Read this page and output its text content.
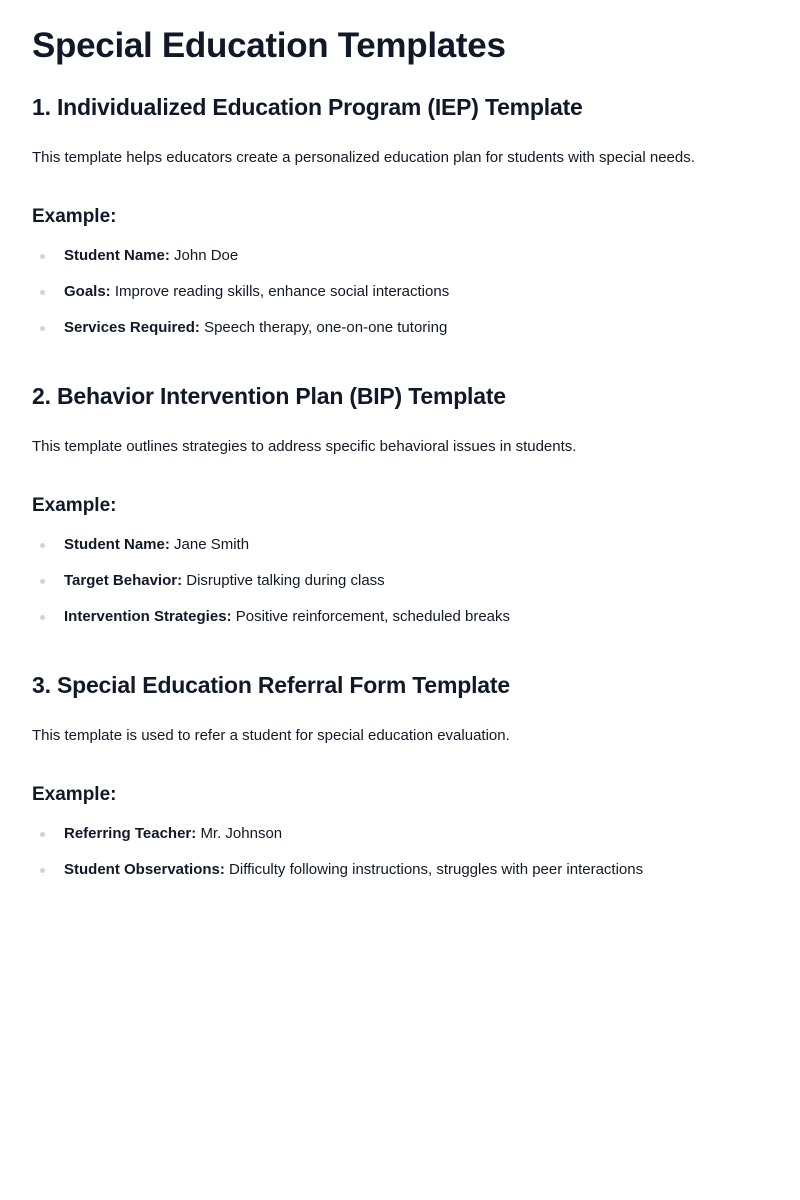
Special Education Templates
1. Individualized Education Program (IEP) Template

This template helps educators create a personalized education plan for students with special needs.

Example:
Student Name: John Doe
Goals: Improve reading skills, enhance social interactions
Services Required: Speech therapy, one-on-one tutoring
2. Behavior Intervention Plan (BIP) Template

This template outlines strategies to address specific behavioral issues in students.

Example:
Student Name: Jane Smith
Target Behavior: Disruptive talking during class
Intervention Strategies: Positive reinforcement, scheduled breaks
3. Special Education Referral Form Template

This template is used to refer a student for special education evaluation.

Example:
Referring Teacher: Mr. Johnson
Student Observations: Difficulty following instructions, struggles with peer interactions
